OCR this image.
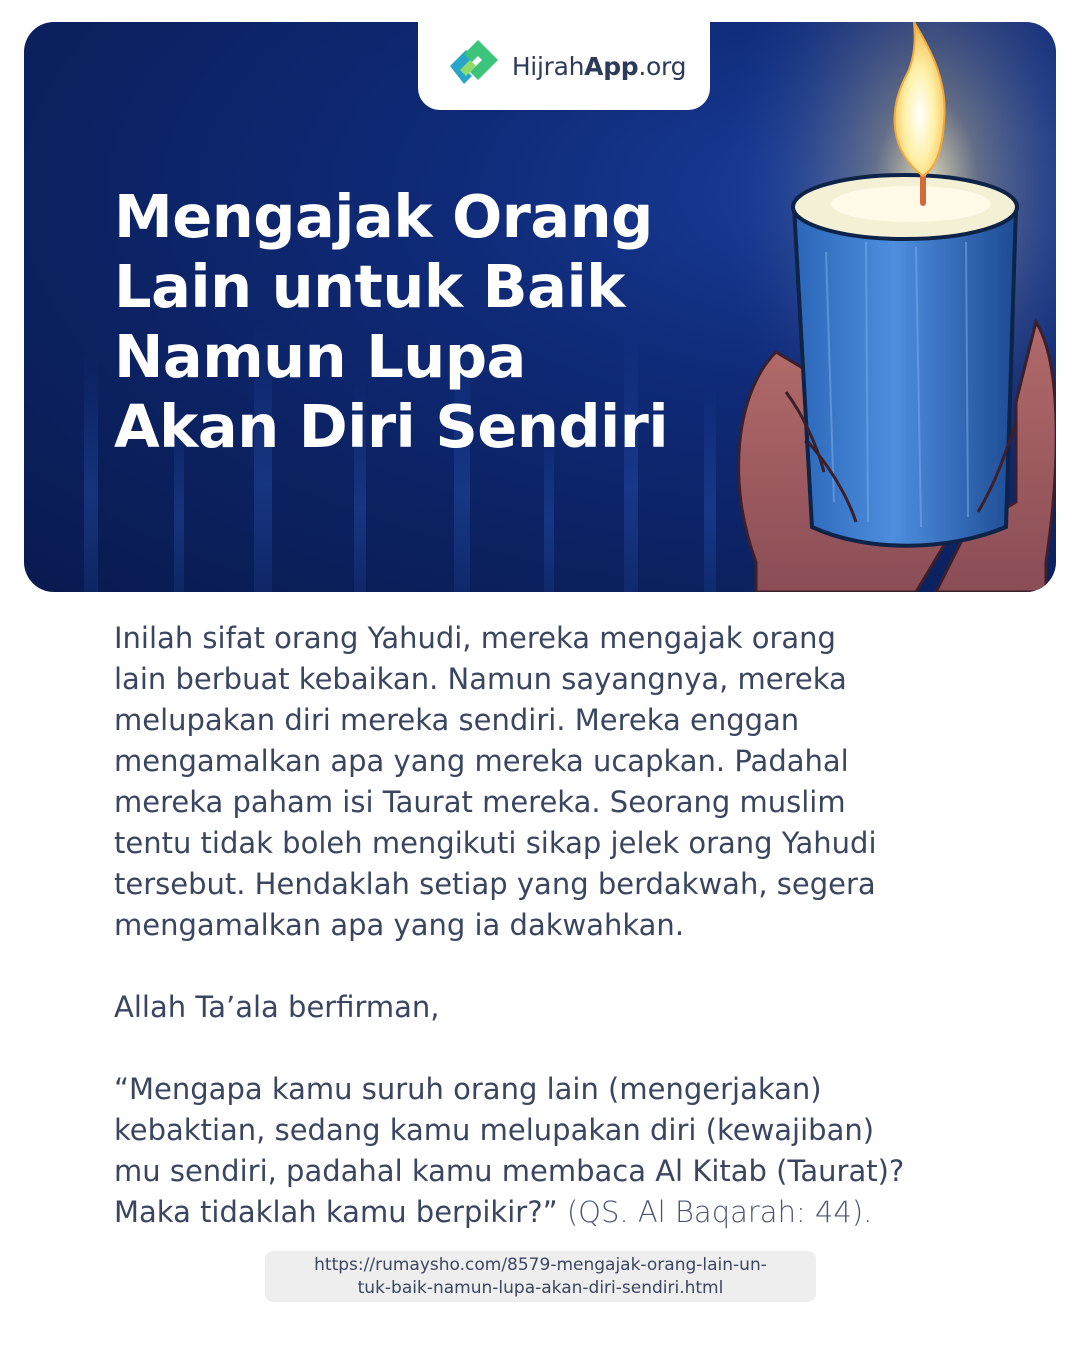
HijrahApp.org
Mengajak Orang
Lain untuk Baik
Namun Lupa
Akan Diri Sendiri

Inilah sifat orang Yahudi, mereka mengajak orang
lain berbuat kebaikan. Namun sayangnya, mereka
melupakan diri mereka sendiri. Mereka enggan
mengamalkan apa yang mereka ucapkan. Padahal
mereka paham isi Taurat mereka. Seorang muslim
tentu tidak boleh mengikuti sikap jelek orang Yahudi
tersebut. Hendaklah setiap yang berdakwah, segera
mengamalkan apa yang ia dakwahkan.

Allah Ta’ala berfirman,

“Mengapa kamu suruh orang lain (mengerjakan)
kebaktian, sedang kamu melupakan diri (kewajiban)
mu sendiri, padahal kamu membaca Al Kitab (Taurat)?
Maka tidaklah kamu berpikir?” (QS. Al Baqarah: 44).

https://rumaysho.com/8579-mengajak-orang-lain-un-
tuk-baik-namun-lupa-akan-diri-sendiri.html
